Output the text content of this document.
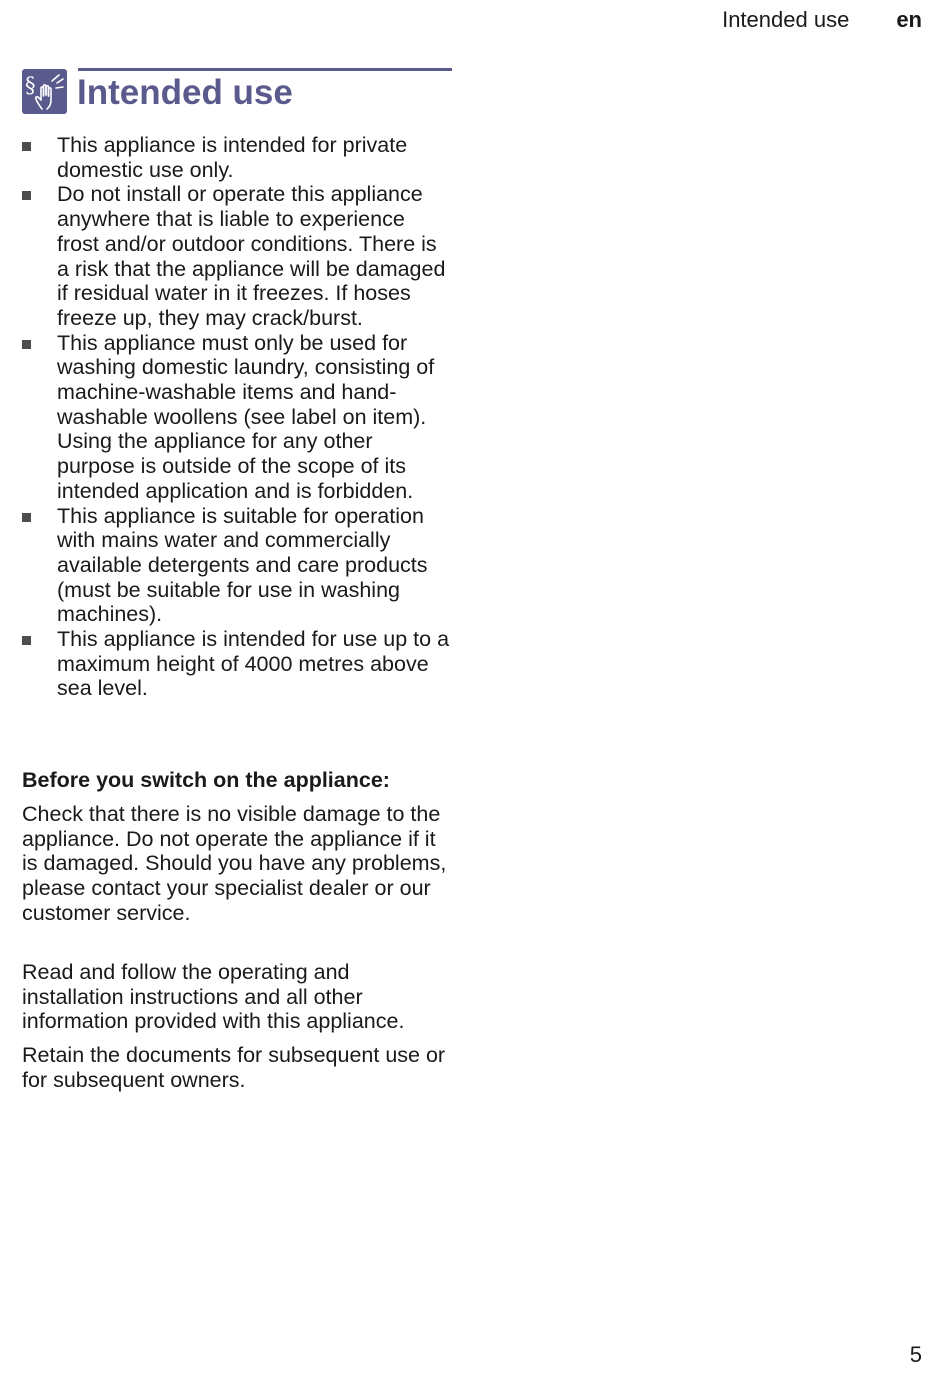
Intended use en
§ Intended use
This appliance is intended for private domestic use only.
Do not install or operate this appliance anywhere that is liable to experience frost and/or outdoor conditions. There is a risk that the appliance will be damaged if residual water in it freezes. If hoses freeze up, they may crack/burst.
This appliance must only be used for washing domestic laundry, consisting of machine-washable items and hand-washable woollens (see label on item). Using the appliance for any other purpose is outside of the scope of its intended application and is forbidden.
This appliance is suitable for operation with mains water and commercially available detergents and care products (must be suitable for use in washing machines).
This appliance is intended for use up to a maximum height of 4000 metres above sea level.
Before you switch on the appliance:

Check that there is no visible damage to the appliance. Do not operate the appliance if it is damaged. Should you have any problems, please contact your specialist dealer or our customer service.

Read and follow the operating and installation instructions and all other information provided with this appliance.

Retain the documents for subsequent use or for subsequent owners.

5
